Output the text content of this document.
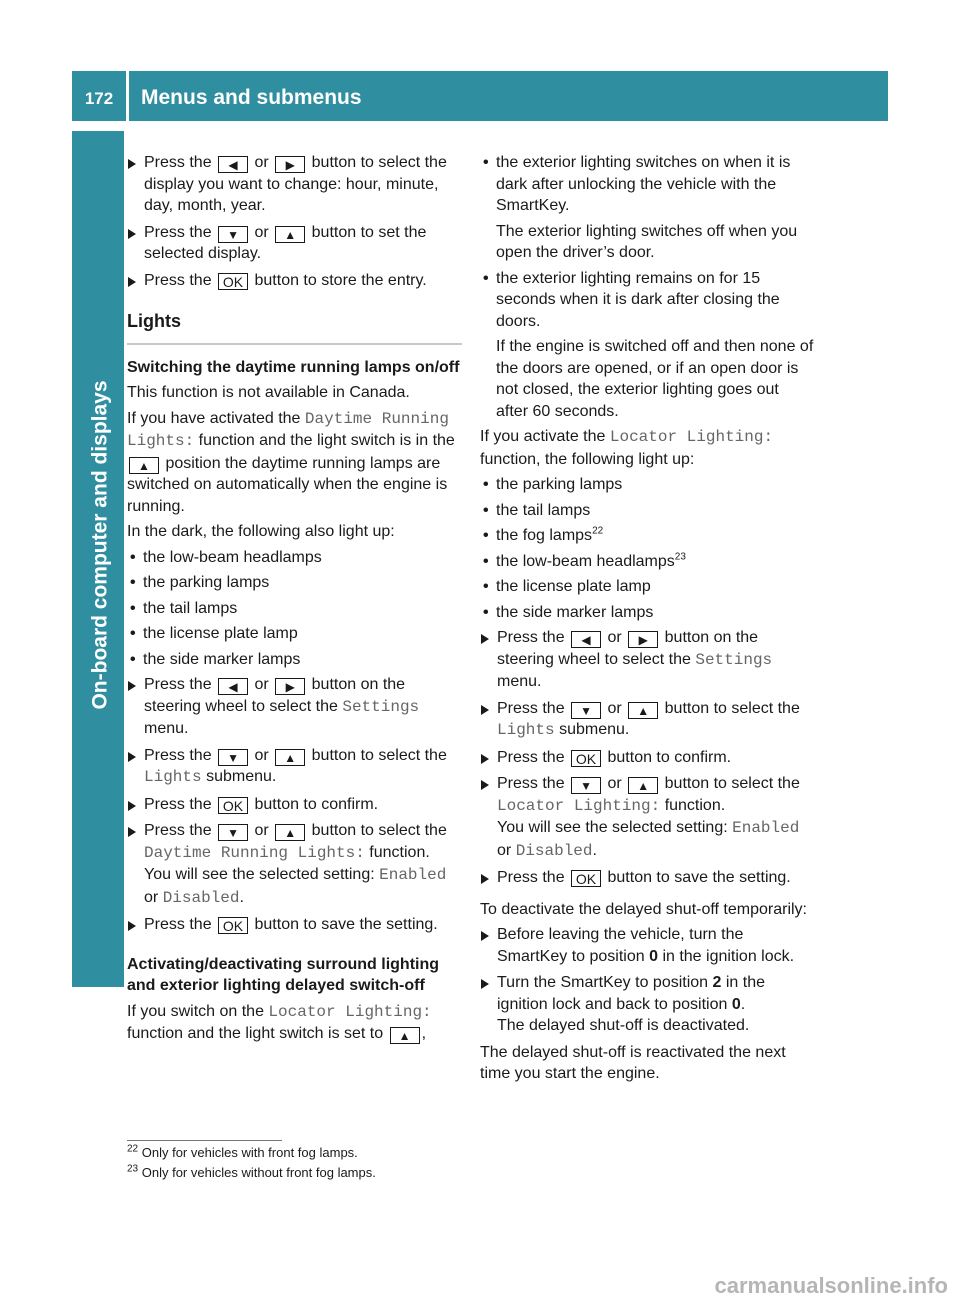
172	Menus and submenus
On-board computer and displays
Press the ◀ or ▶ button to select the display you want to change: hour, minute, day, month, year.
Press the ▼ or ▲ button to set the selected display.
Press the OK button to store the entry.
Lights

Switching the daytime running lamps on/off

This function is not available in Canada.

If you have activated the Daytime Running Lights: function and the light switch is in the ▲ position the daytime running lamps are switched on automatically when the engine is running.

In the dark, the following also light up:

• the low-beam headlamps
• the parking lamps
• the tail lamps
• the license plate lamp
• the side marker lamps
Press the ◀ or ▶ button on the steering wheel to select the Settings menu.
Press the ▼ or ▲ button to select the Lights submenu.
Press the OK button to confirm.
Press the ▼ or ▲ button to select the Daytime Running Lights: function.
You will see the selected setting: Enabled or Disabled.
Press the OK button to save the setting.

Activating/deactivating surround lighting and exterior lighting delayed switch-off

If you switch on the Locator Lighting: function and the light switch is set to ▲ ,

• the exterior lighting switches on when it is dark after unlocking the vehicle with the SmartKey.

The exterior lighting switches off when you open the driver’s door.

• the exterior lighting remains on for 15 seconds when it is dark after closing the doors.

If the engine is switched off and then none of the doors are opened, or if an open door is not closed, the exterior lighting goes out after 60 seconds.

If you activate the Locator Lighting: function, the following light up:

• the parking lamps
• the tail lamps
• the fog lamps$^{22}$
• the low-beam headlamps$^{23}$
• the license plate lamp
• the side marker lamps
Press the ◀ or ▶ button on the steering wheel to select the Settings menu.
Press the ▼ or ▲ button to select the Lights submenu.
Press the OK button to confirm.
Press the ▼ or ▲ button to select the Locator Lighting: function.
You will see the selected setting: Enabled or Disabled.
Press the OK button to save the setting.

To deactivate the delayed shut-off temporarily:

Before leaving the vehicle, turn the SmartKey to position 0 in the ignition lock.
Turn the SmartKey to position 2 in the ignition lock and back to position 0.
The delayed shut-off is deactivated.

The delayed shut-off is reactivated the next time you start the engine.

$^{22}$ Only for vehicles with front fog lamps.
$^{23}$ Only for vehicles without front fog lamps.
carmanualsonline.info
